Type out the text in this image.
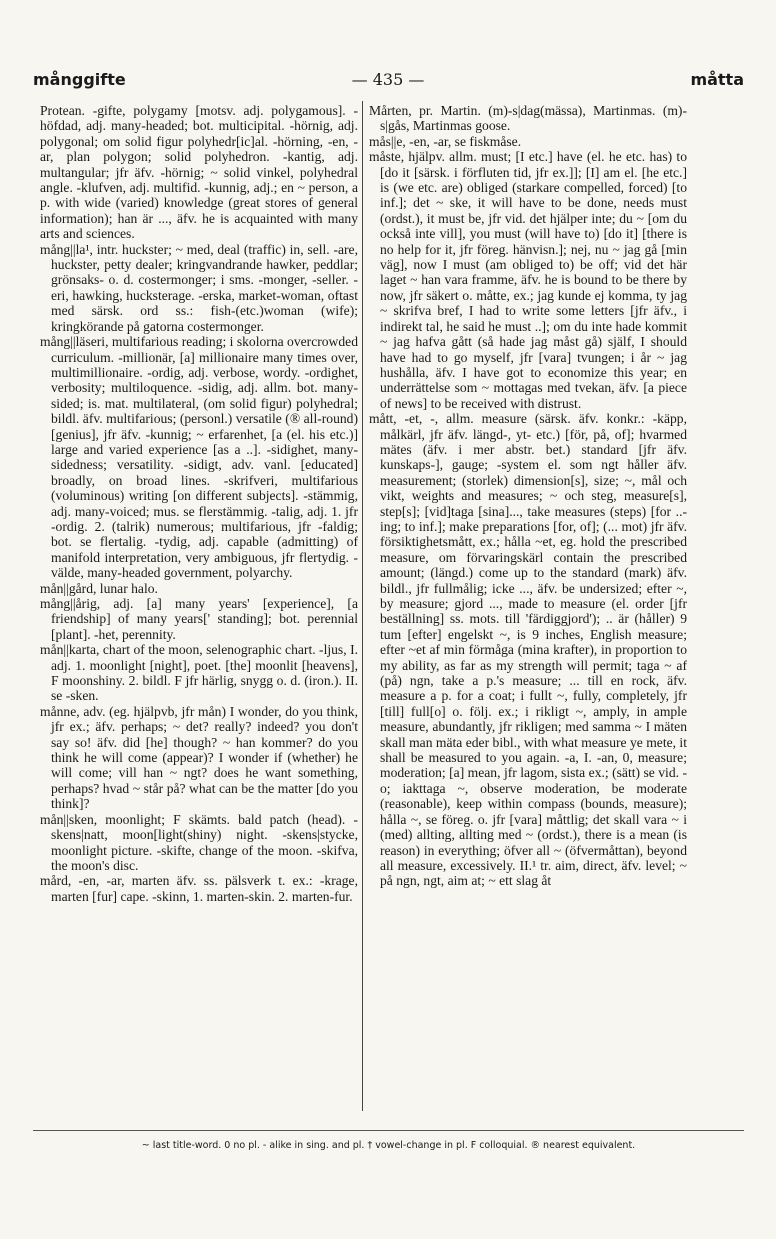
månggifte	— 435 —	måtta

Protean. -gifte, polygamy [motsv. adj. polygamous]. -höfdad, adj. many-headed; bot. multicipital. -hörnig, adj. polygonal; om solid figur polyhedr[ic]al. -hörning, -en, -ar, plan polygon; solid polyhedron. -kantig, adj. multangular; jfr äfv. -hörnig; ~ solid vinkel, polyhedral angle. -klufven, adj. multifid. -kunnig, adj.; en ~ person, a p. with wide (varied) knowledge (great stores of general information); han är ..., äfv. he is acquainted with many arts and sciences.

mång||la¹, intr. huckster; ~ med, deal (traffic) in, sell. -are, huckster, petty dealer; kringvandrande hawker, peddlar; grönsaks- o. d. costermonger; i sms. -monger, -seller. -eri, hawking, hucksterage. -erska, market-woman, oftast med särsk. ord ss.: fish-(etc.)woman (wife); kringkörande på gatorna costermonger.

mång||läseri, multifarious reading; i skolorna overcrowded curriculum. -millionär, [a] millionaire many times over, multimillionaire. -ordig, adj. verbose, wordy. -ordighet, verbosity; multiloquence. -sidig, adj. allm. bot. many-sided; is. mat. multilateral, (om solid figur) polyhedral; bildl. äfv. multifarious; (personl.) versatile (® all-round) [genius], jfr äfv. -kunnig; ~ erfarenhet, [a (el. his etc.)] large and varied experience [as a ..]. -sidighet, many-sidedness; versatility. -sidigt, adv. vanl. [educated] broadly, on broad lines. -skrifveri, multifarious (voluminous) writing [on different subjects]. -stämmig, adj. many-voiced; mus. se flerstämmig. -talig, adj. 1. jfr -ordig. 2. (talrik) numerous; multifarious, jfr -faldig; bot. se flertalig. -tydig, adj. capable (admitting) of manifold interpretation, very ambiguous, jfr flertydig. -välde, many-headed government, polyarchy.

mån||gård, lunar halo.

mång||årig, adj. [a] many years' [experience], [a friendship] of many years[' standing]; bot. perennial [plant]. -het, perennity.

mån||karta, chart of the moon, selenographic chart. -ljus, I. adj. 1. moonlight [night], poet. [the] moonlit [heavens], F moonshiny. 2. bildl. F jfr härlig, snygg o. d. (iron.). II. se -sken.

månne, adv. (eg. hjälpvb, jfr mån) I wonder, do you think, jfr ex.; äfv. perhaps; ~ det? really? indeed? you don't say so! äfv. did [he] though? ~ han kommer? do you think he will come (appear)? I wonder if (whether) he will come; vill han ~ ngt? does he want something, perhaps? hvad ~ står på? what can be the matter [do you think]?

mån||sken, moonlight; F skämts. bald patch (head). -skens|natt, moon[light(shiny) night. -skens|stycke, moonlight picture. -skifte, change of the moon. -skifva, the moon's disc.

mård, -en, -ar, marten äfv. ss. pälsverk t. ex.: -krage, marten [fur] cape. -skinn, 1. marten-skin. 2. marten-fur.

Mårten, pr. Martin. (m)-s|dag(mässa), Martinmas. (m)-s|gås, Martinmas goose.

mås||e, -en, -ar, se fiskmåse.

måste, hjälpv. allm. must; [I etc.] have (el. he etc. has) to [do it [särsk. i förfluten tid, jfr ex.]]; [I] am el. [he etc.] is (we etc. are) obliged (starkare compelled, forced) [to inf.]; det ~ ske, it will have to be done, needs must (ordst.), it must be, jfr vid. det hjälper inte; du ~ [om du också inte vill], you must (will have to) [do it] [there is no help for it, jfr föreg. hänvisn.]; nej, nu ~ jag gå [min väg], now I must (am obliged to) be off; vid det här laget ~ han vara framme, äfv. he is bound to be there by now, jfr säkert o. måtte, ex.; jag kunde ej komma, ty jag ~ skrifva bref, I had to write some letters [jfr äfv., i indirekt tal, he said he must ..]; om du inte hade kommit ~ jag hafva gått (så hade jag måst gå) själf, I should have had to go myself, jfr [vara] tvungen; i år ~ jag hushålla, äfv. I have got to economize this year; en underrättelse som ~ mottagas med tvekan, äfv. [a piece of news] to be received with distrust.

mått, -et, -, allm. measure (särsk. äfv. konkr.: -käpp, målkärl, jfr äfv. längd-, yt- etc.) [för, på, of]; hvarmed mätes (äfv. i mer abstr. bet.) standard [jfr äfv. kunskaps-], gauge; -system el. som ngt håller äfv. measurement; (storlek) dimension[s], size; ~, mål och vikt, weights and measures; ~ och steg, measure[s], step[s]; [vid]taga [sina]..., take measures (steps) [for ..-ing; to inf.]; make preparations [for, of]; (... mot) jfr äfv. försiktighetsmått, ex.; hålla ~et, eg. hold the prescribed measure, om förvaringskärl contain the prescribed amount; (längd.) come up to the standard (mark) äfv. bildl., jfr fullmålig; icke ..., äfv. be undersized; efter ~, by measure; gjord ..., made to measure (el. order [jfr beställning] ss. mots. till 'färdiggjord'); .. är (håller) 9 tum [efter] engelskt ~, is 9 inches, English measure; efter ~et af min förmåga (mina krafter), in proportion to my ability, as far as my strength will permit; taga ~ af (på) ngn, take a p.'s measure; ... till en rock, äfv. measure a p. for a coat; i fullt ~, fully, completely, jfr [till] full[o] o. följ. ex.; i rikligt ~, amply, in ample measure, abundantly, jfr rikligen; med samma ~ I mäten skall man mäta eder bibl., with what measure ye mete, it shall be measured to you again. -a, I. -an, 0, measure; moderation; [a] mean, jfr lagom, sista ex.; (sätt) se vid. -o; iakttaga ~, observe moderation, be moderate (reasonable), keep within compass (bounds, measure); hålla ~, se föreg. o. jfr [vara] måttlig; det skall vara ~ i (med) allting, allting med ~ (ordst.), there is a mean (is reason) in everything; öfver all ~ (öfvermåttan), beyond all measure, excessively. II.¹ tr. aim, direct, äfv. level; ~ på ngn, ngt, aim at; ~ ett slag åt

~ last title-word. 0 no pl. - alike in sing. and pl. † vowel-change in pl. F colloquial. ® nearest equivalent.
